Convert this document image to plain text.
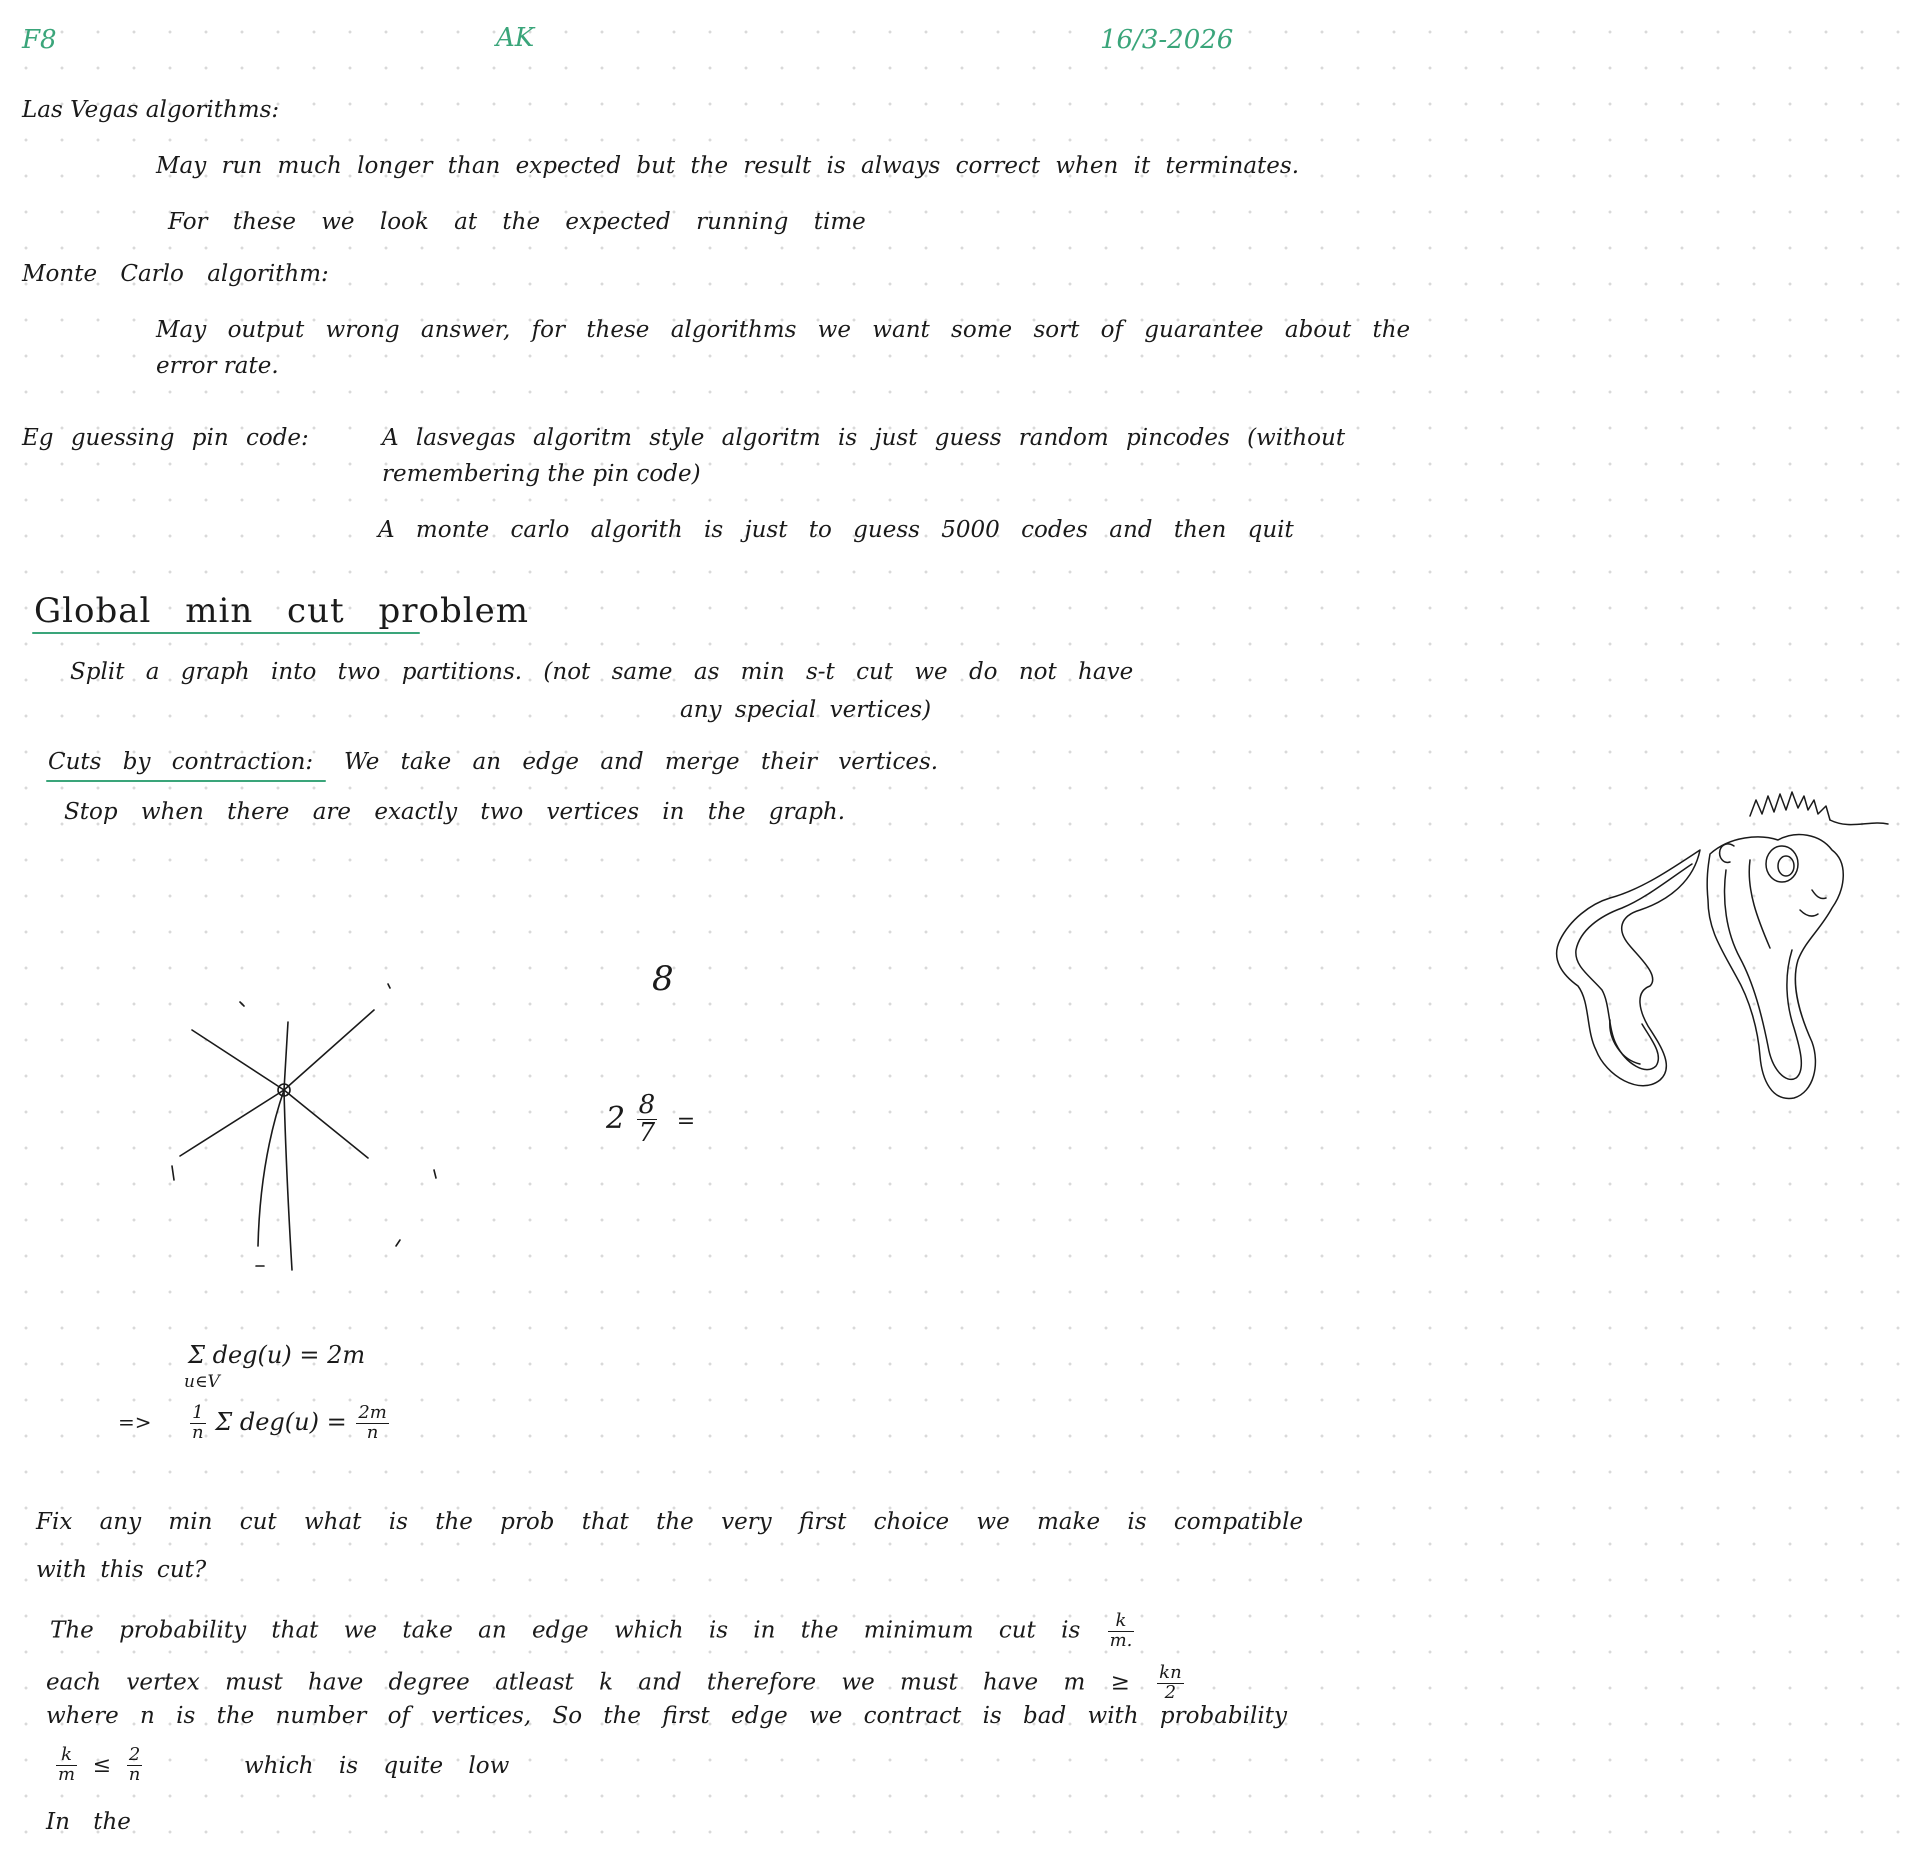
F8	AK	16/3-2026
Las Vegas algorithms:
May run much longer than expected but the result is always correct when it terminates.
For these we look at the expected running time
Monte Carlo algorithm:
May output wrong answer, for these algorithms we want some sort of guarantee about the
error rate.
Eg guessing pin code:	A lasvegas algoritm style algoritm is just guess random pincodes (without
remembering the pin code)
A monte carlo algorith is just to guess 5000 codes and then quit
Global min cut problem
Split a graph into two partitions. (not same as min s-t cut we do not have
any special vertices)
Cuts by contraction: We take an edge and merge their vertices.
Stop when there are exactly two vertices in the graph.
8
$2 \frac{8}{7}$ =
Σ deg(u) = 2m
u∈V
=> $\frac{1}{n}$ Σ $deg(u) = \frac{2m}{n}$
Fix any min cut what is the prob that the very first choice we make is compatible
with this cut?
The probability that we take an edge which is in the minimum cut is $\frac{k}{m.}$
each vertex must have degree atleast k and therefore we must have $m \ge \frac{kn}{2}$
where n is the number of vertices, So the first edge we contract is bad with probability
$\frac{k}{m} \le \frac{2}{n}$	which is quite low
In the
